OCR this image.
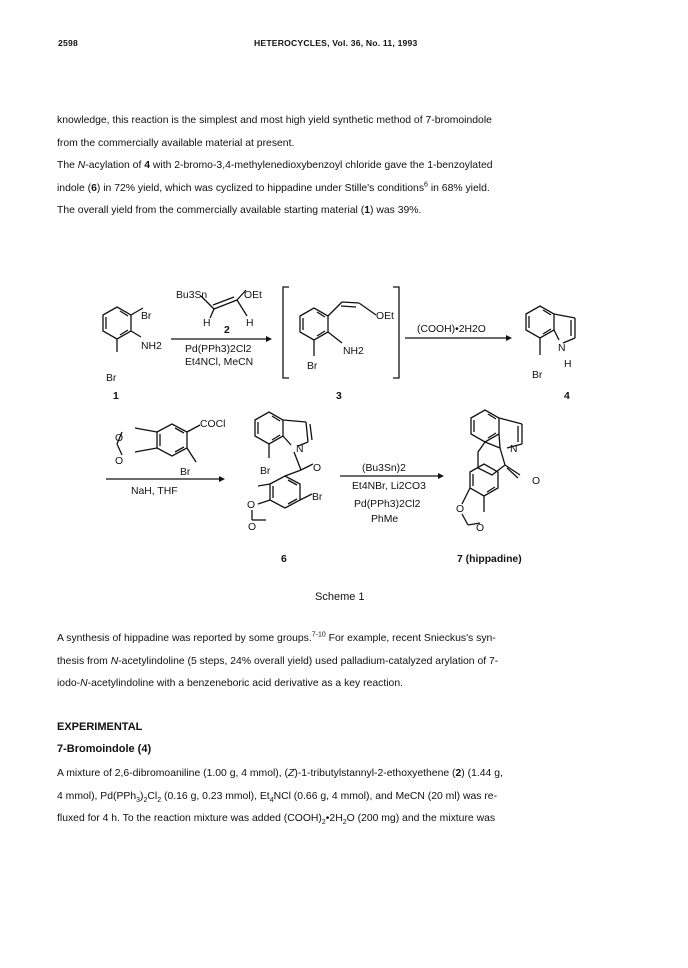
2598	HETEROCYCLES, Vol. 36, No. 11, 1993
knowledge, this reaction is the simplest and most high yield synthetic method of 7-bromoindole
from the commercially available material at present.
The N-acylation of 4 with 2-bromo-3,4-methylenedioxybenzoyl chloride gave the 1-benzoylated
indole (6) in 72% yield, which was cyclized to hippadine under Stille's conditions$^6$ in 68% yield.
The overall yield from the commercially available starting material (1) was 39%.
Bu3Sn	OEt
H	H
2
Pd(PPh3)2Cl2
Et4NCl, MeCN
Br
NH2
Br
1
OEt
NH2
Br
3
(COOH)•2H2O
N
H
Br
4
COCl
O
O
Br
NaH, THF
N
Br	O
Br
O
O
6
(Bu3Sn)2
Et4NBr, Li2CO3
Pd(PPh3)2Cl2
PhMe
N
O
O
O
7 (hippadine)
Scheme 1
A synthesis of hippadine was reported by some groups.$^{7-10}$ For example, recent Snieckus's syn-
thesis from N-acetylindoline (5 steps, 24% overall yield) used palladium-catalyzed arylation of 7-
iodo-N-acetylindoline with a benzeneboric acid derivative as a key reaction.
EXPERIMENTAL
7-Bromoindole (4)
A mixture of 2,6-dibromoaniline (1.00 g, 4 mmol), (Z)-1-tributylstannyl-2-ethoxyethene (2) (1.44 g,
4 mmol), $Pd(PPh_3)_2Cl_2$ (0.16 g, 0.23 mmol), $Et_4NCl$ (0.66 g, 4 mmol), and MeCN (20 ml) was re-
fluxed for 4 h. To the reaction mixture was added $(COOH)_2•2H_2O$ (200 mg) and the mixture was
